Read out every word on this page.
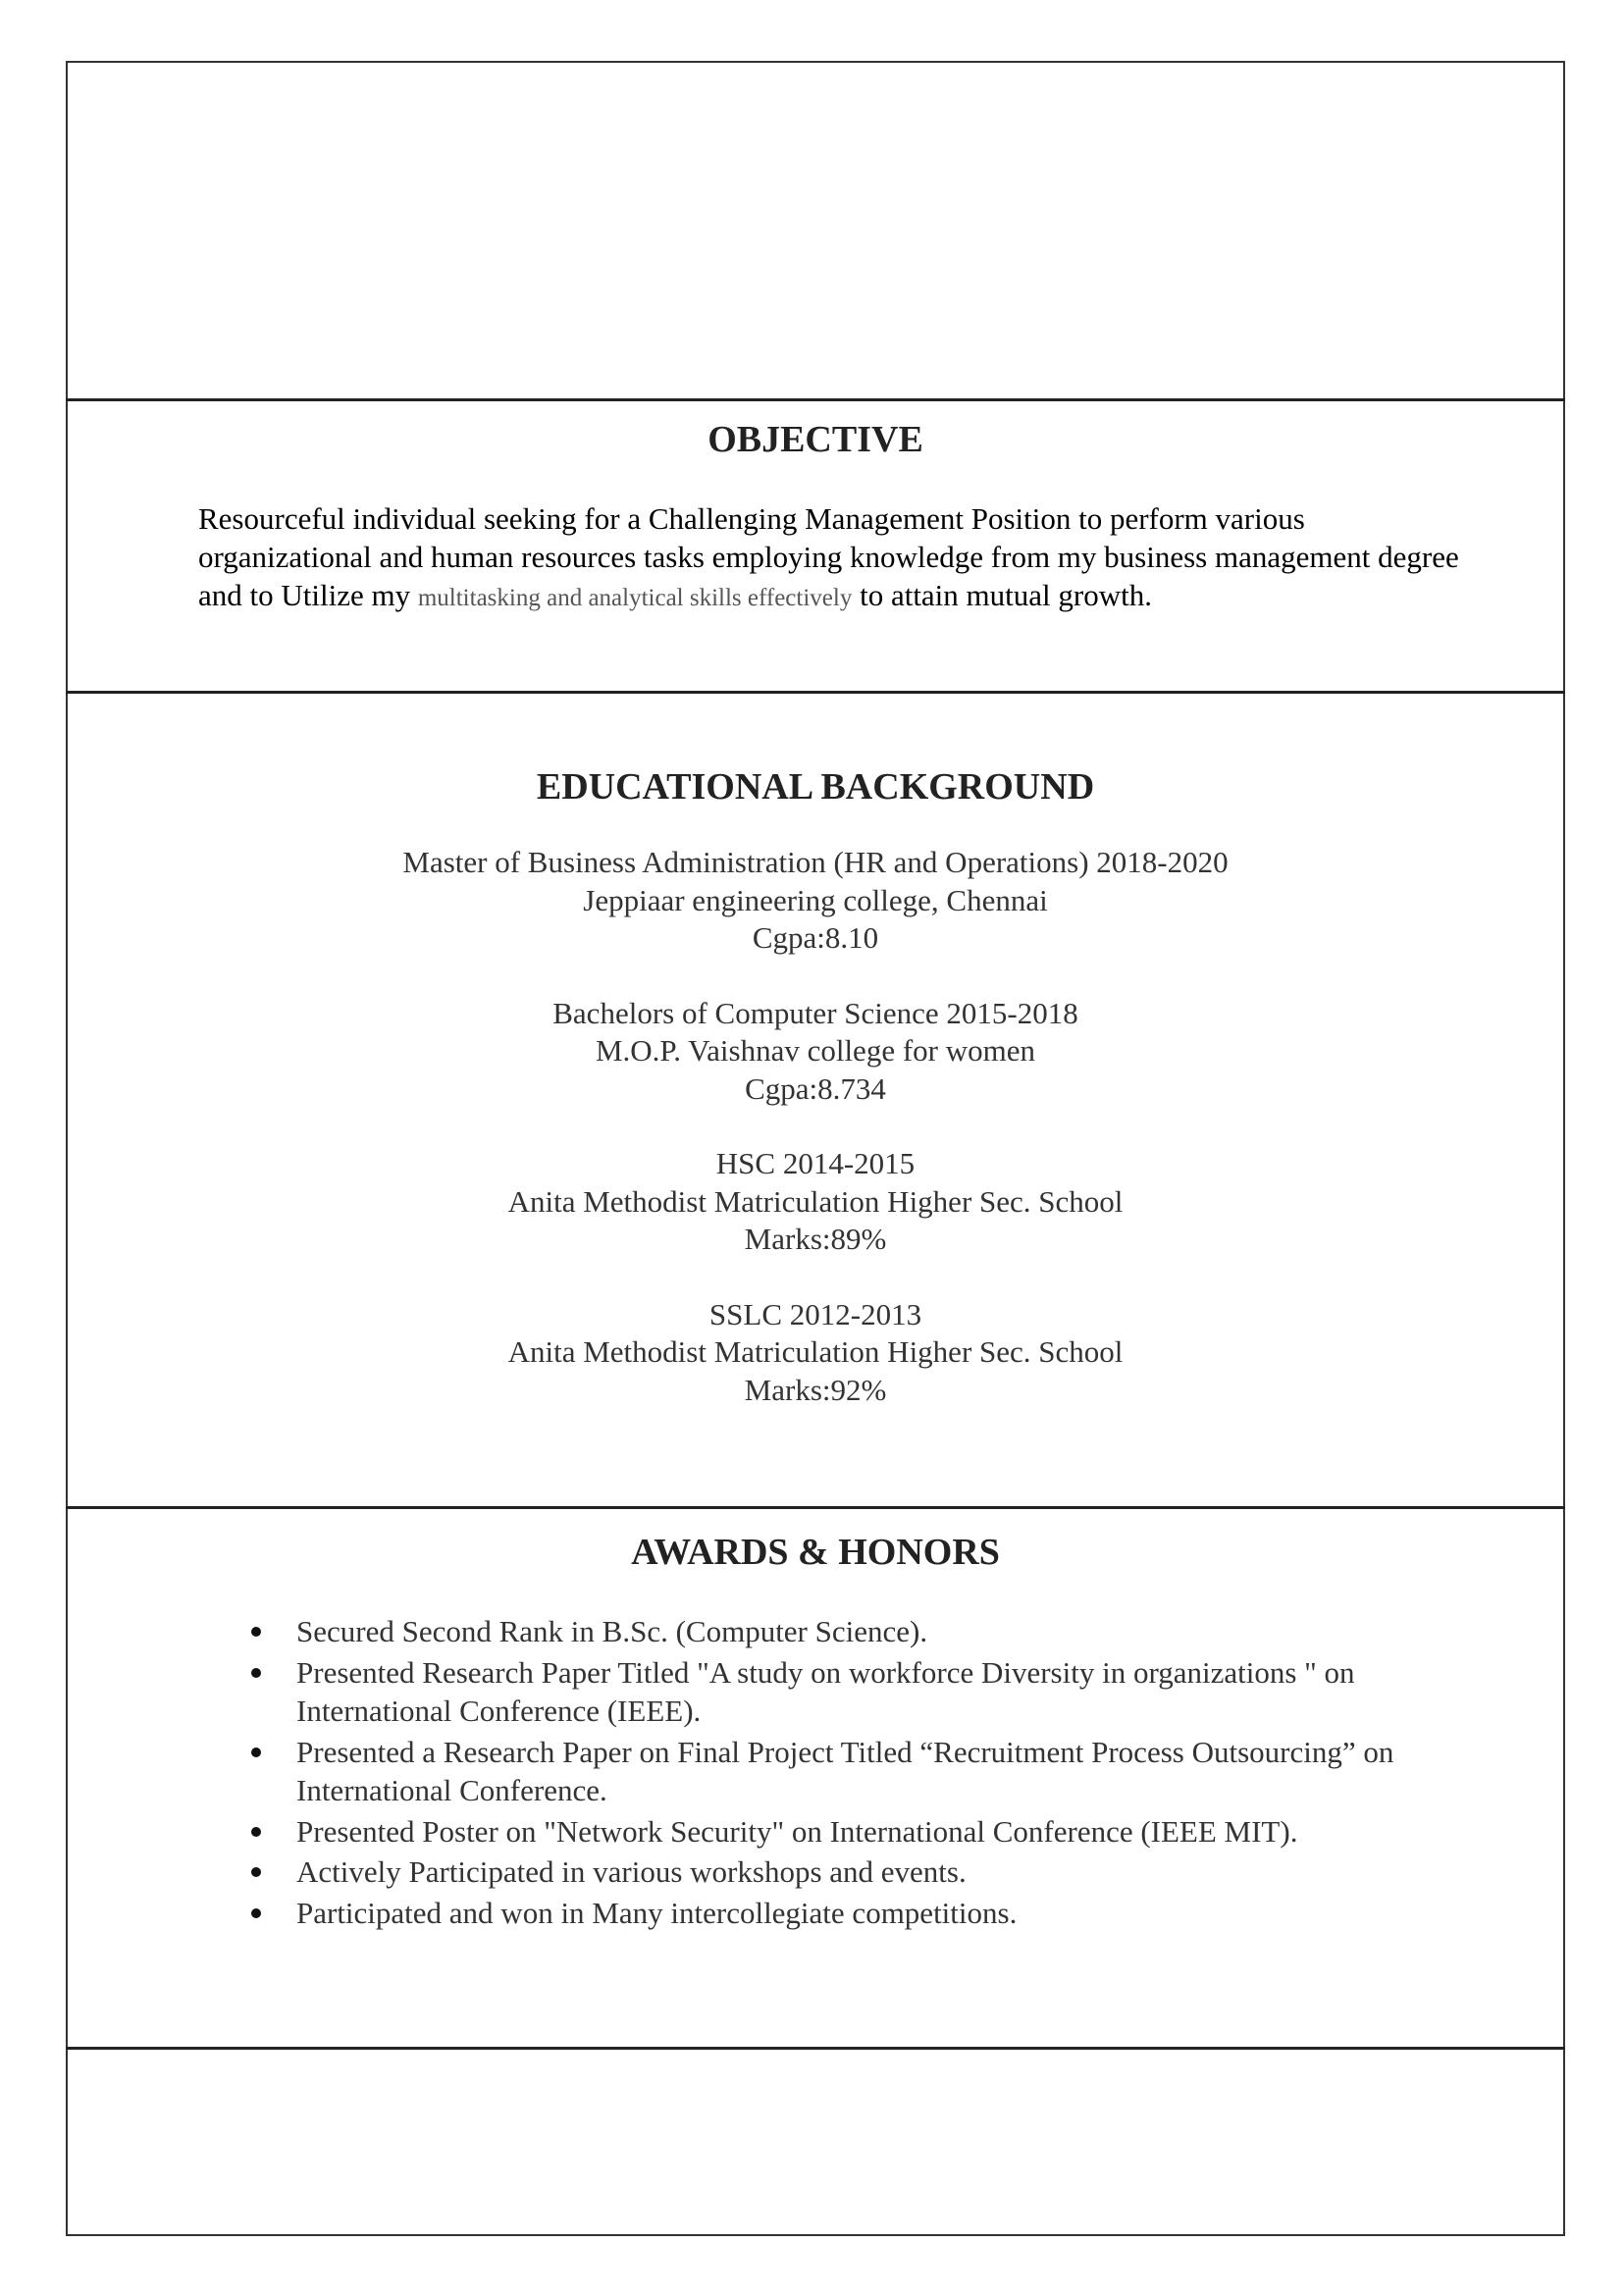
OBJECTIVE

Resourceful individual seeking for a Challenging Management Position to perform various organizational and human resources tasks employing knowledge from my business management degree and to Utilize my multitasking and analytical skills effectively to attain mutual growth.

EDUCATIONAL BACKGROUND
Master of Business Administration (HR and Operations) 2018-2020
Jeppiaar engineering college, Chennai
Cgpa:8.10
Bachelors of Computer Science 2015-2018
M.O.P. Vaishnav college for women
Cgpa:8.734
HSC 2014-2015
Anita Methodist Matriculation Higher Sec. School
Marks:89%
SSLC 2012-2013
Anita Methodist Matriculation Higher Sec. School
Marks:92%
AWARDS & HONORS
Secured Second Rank in B.Sc. (Computer Science).
Presented Research Paper Titled "A study on workforce Diversity in organizations " on International Conference (IEEE).
Presented a Research Paper on Final Project Titled “Recruitment Process Outsourcing” on International Conference.
Presented Poster on "Network Security" on International Conference (IEEE MIT).
Actively Participated in various workshops and events.
Participated and won in Many intercollegiate competitions.
